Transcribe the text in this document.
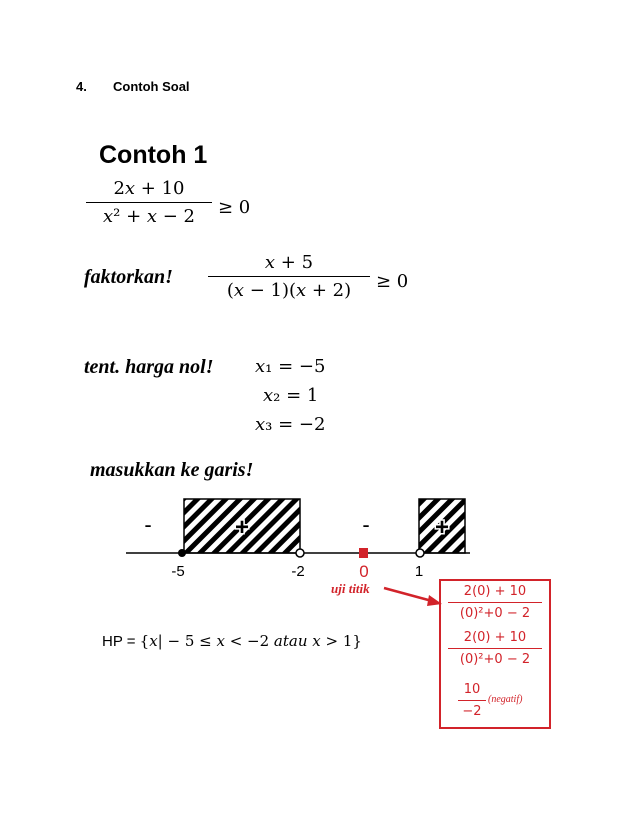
4. Contoh Soal
Contoh 1
2𝑥 + 10
𝑥² + 𝑥 − 2	≥ 0
faktorkan!
𝑥 + 5
(𝑥 − 1)(𝑥 + 2)	≥ 0
tent. harga nol! 𝑥₁ = −5
𝑥₂ = 1
𝑥₃ = −2
masukkan ke garis!
-	+	-	+
-5	-2	0	1
uji titik	2(0) + 10
(0)²+0 − 2
2(0) + 10
(0)²+0 − 2
10
−2
(negatif)
HP = {𝑥| − 5 ≤ 𝑥 < −2 𝑎𝑡𝑎𝑢 𝑥 > 1}
